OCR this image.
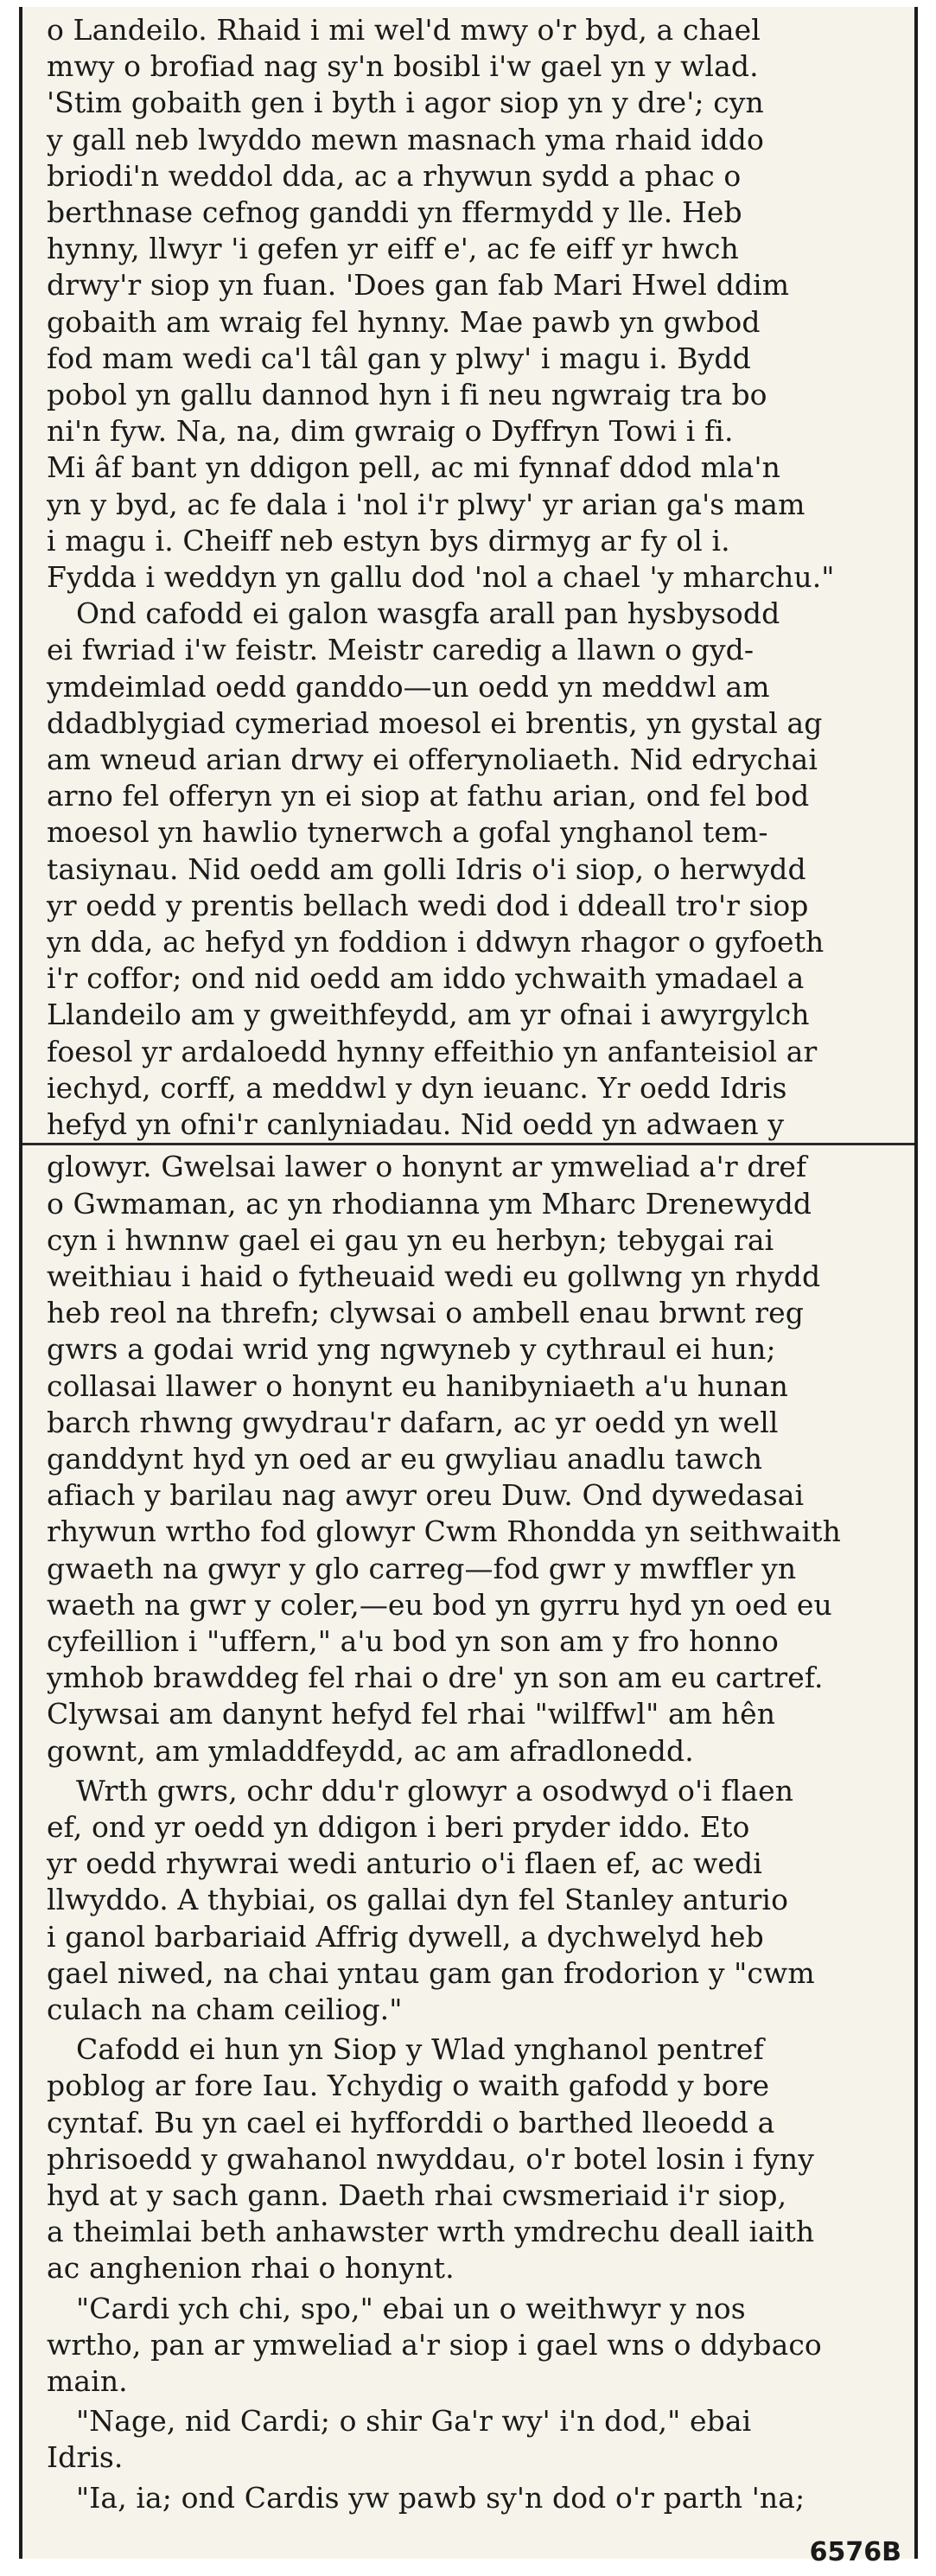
o Landeilo. Rhaid i mi wel'd mwy o'r byd, a chael
mwy o brofiad nag sy'n bosibl i'w gael yn y wlad.
'Stim gobaith gen i byth i agor siop yn y dre'; cyn
y gall neb lwyddo mewn masnach yma rhaid iddo
briodi'n weddol dda, ac a rhywun sydd a phac o
berthnase cefnog ganddi yn ffermydd y lle. Heb
hynny, llwyr 'i gefen yr eiff e', ac fe eiff yr hwch
drwy'r siop yn fuan. 'Does gan fab Mari Hwel ddim
gobaith am wraig fel hynny. Mae pawb yn gwbod
fod mam wedi ca'l tâl gan y plwy' i magu i. Bydd
pobol yn gallu dannod hyn i fi neu ngwraig tra bo
ni'n fyw. Na, na, dim gwraig o Dyffryn Towi i fi.
Mi âf bant yn ddigon pell, ac mi fynnaf ddod mla'n
yn y byd, ac fe dala i 'nol i'r plwy' yr arian ga's mam
i magu i. Cheiff neb estyn bys dirmyg ar fy ol i.
Fydda i weddyn yn gallu dod 'nol a chael 'y mharchu."

Ond cafodd ei galon wasgfa arall pan hysbysodd
ei fwriad i'w feistr. Meistr caredig a llawn o gyd-
ymdeimlad oedd ganddo—un oedd yn meddwl am
ddadblygiad cymeriad moesol ei brentis, yn gystal ag
am wneud arian drwy ei offerynoliaeth. Nid edrychai
arno fel offeryn yn ei siop at fathu arian, ond fel bod
moesol yn hawlio tynerwch a gofal ynghanol tem-
tasiynau. Nid oedd am golli Idris o'i siop, o herwydd
yr oedd y prentis bellach wedi dod i ddeall tro'r siop
yn dda, ac hefyd yn foddion i ddwyn rhagor o gyfoeth
i'r coffor; ond nid oedd am iddo ychwaith ymadael a
Llandeilo am y gweithfeydd, am yr ofnai i awyrgylch
foesol yr ardaloedd hynny effeithio yn anfanteisiol ar
iechyd, corff, a meddwl y dyn ieuanc. Yr oedd Idris
hefyd yn ofni'r canlyniadau. Nid oedd yn adwaen y

glowyr. Gwelsai lawer o honynt ar ymweliad a'r dref
o Gwmaman, ac yn rhodianna ym Mharc Drenewydd
cyn i hwnnw gael ei gau yn eu herbyn; tebygai rai
weithiau i haid o fytheuaid wedi eu gollwng yn rhydd
heb reol na threfn; clywsai o ambell enau brwnt reg
gwrs a godai wrid yng ngwyneb y cythraul ei hun;
collasai llawer o honynt eu hanibyniaeth a'u hunan
barch rhwng gwydrau'r dafarn, ac yr oedd yn well
ganddynt hyd yn oed ar eu gwyliau anadlu tawch
afiach y barilau nag awyr oreu Duw. Ond dywedasai
rhywun wrtho fod glowyr Cwm Rhondda yn seithwaith
gwaeth na gwyr y glo carreg—fod gwr y mwffler yn
waeth na gwr y coler,—eu bod yn gyrru hyd yn oed eu
cyfeillion i "uffern," a'u bod yn son am y fro honno
ymhob brawddeg fel rhai o dre' yn son am eu cartref.
Clywsai am danynt hefyd fel rhai "wilffwl" am hên
gownt, am ymladdfeydd, ac am afradlonedd.

Wrth gwrs, ochr ddu'r glowyr a osodwyd o'i flaen
ef, ond yr oedd yn ddigon i beri pryder iddo. Eto
yr oedd rhywrai wedi anturio o'i flaen ef, ac wedi
llwyddo. A thybiai, os gallai dyn fel Stanley anturio
i ganol barbariaid Affrig dywell, a dychwelyd heb
gael niwed, na chai yntau gam gan frodorion y "cwm
culach na cham ceiliog."

Cafodd ei hun yn Siop y Wlad ynghanol pentref
poblog ar fore Iau. Ychydig o waith gafodd y bore
cyntaf. Bu yn cael ei hyfforddi o barthed lleoedd a
phrisoedd y gwahanol nwyddau, o'r botel losin i fyny
hyd at y sach gann. Daeth rhai cwsmeriaid i'r siop,
a theimlai beth anhawster wrth ymdrechu deall iaith
ac anghenion rhai o honynt.

"Cardi ych chi, spo," ebai un o weithwyr y nos
wrtho, pan ar ymweliad a'r siop i gael wns o ddybaco
main.

"Nage, nid Cardi; o shir Ga'r wy' i'n dod," ebai
Idris.

"Ia, ia; ond Cardis yw pawb sy'n dod o'r parth 'na;

6576B
